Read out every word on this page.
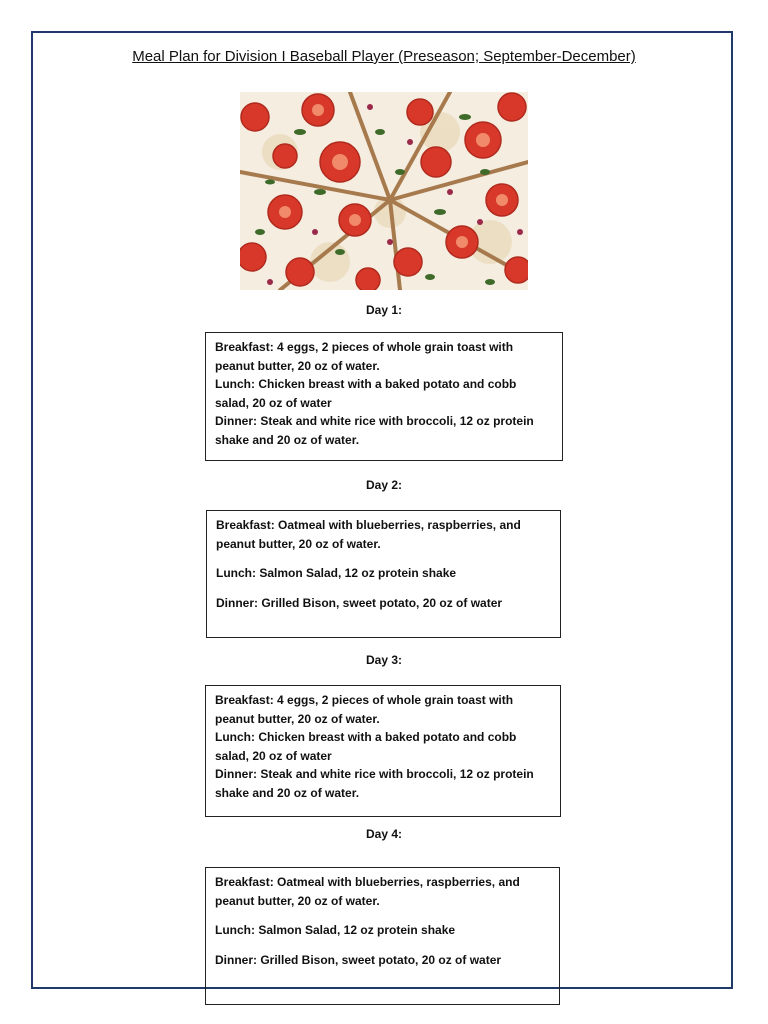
Meal Plan for Division I Baseball Player (Preseason; September-December)
Day 1:

Breakfast: 4 eggs, 2 pieces of whole grain toast with peanut butter, 20 oz of water.

Lunch: Chicken breast with a baked potato and cobb salad, 20 oz of water

Dinner: Steak and white rice with broccoli, 12 oz protein shake and 20 oz of water.

Day 2:

Breakfast: Oatmeal with blueberries, raspberries, and peanut butter, 20 oz of water.

Lunch: Salmon Salad, 12 oz protein shake

Dinner: Grilled Bison, sweet potato, 20 oz of water

Day 3:

Breakfast: 4 eggs, 2 pieces of whole grain toast with peanut butter, 20 oz of water.

Lunch: Chicken breast with a baked potato and cobb salad, 20 oz of water

Dinner: Steak and white rice with broccoli, 12 oz protein shake and 20 oz of water.

Day 4:

Breakfast: Oatmeal with blueberries, raspberries, and peanut butter, 20 oz of water.

Lunch: Salmon Salad, 12 oz protein shake

Dinner: Grilled Bison, sweet potato, 20 oz of water
